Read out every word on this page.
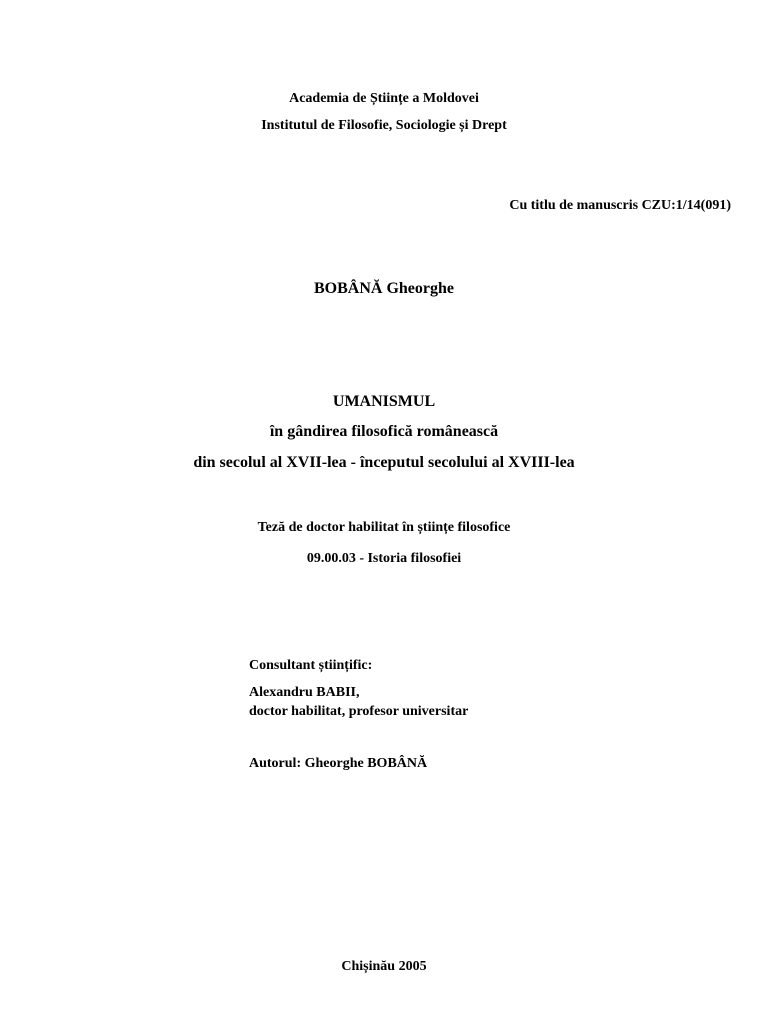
Academia de Științe a Moldovei
Institutul de Filosofie, Sociologie și Drept
Cu titlu de manuscris CZU:1/14(091)
BOBÂNĂ Gheorghe
UMANISMUL
în gândirea filosofică românească
din secolul al XVII-lea - începutul secolului al XVIII-lea
Teză de doctor habilitat în științe filosofice
09.00.03 - Istoria filosofiei
Consultant științific:
Alexandru BABII,
doctor habilitat, profesor universitar
Autorul: Gheorghe BOBÂNĂ
Chișinău 2005
